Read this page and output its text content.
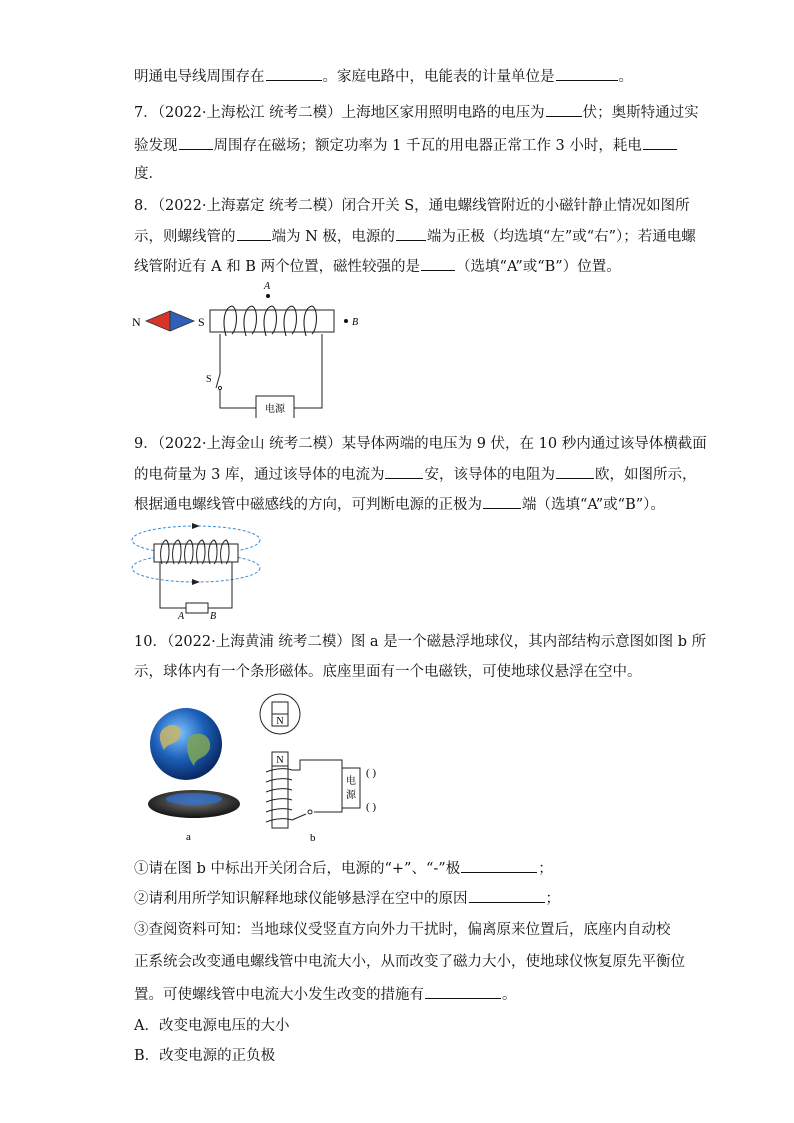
明通电导线周围存在	。家庭电路中，电能表的计量单位是	。
7．（2022·上海松江 统考二模）上海地区家用照明电路的电压为	伏；奥斯特通过实
验发现 周围存在磁场；额定功率为 1 千瓦的用电器正常工作 3 小时，耗电
度．
8．（2022·上海嘉定 统考二模）闭合开关 S，通电螺线管附近的小磁针静止情况如图所
示，则螺线管的 端为 N 极，电源的 端为正极（均选填“左”或“右”）；若通电螺
线管附近有 A 和 B 两个位置，磁性较强的是 （选填“A”或“B”）位置。
N	S
A
B
S
电源
9．（2022·上海金山 统考二模）某导体两端的电压为 9 伏，在 10 秒内通过该导体横截面
的电荷量为 3 库，通过该导体的电流为	安，该导体的电阻为	欧，如图所示，
根据通电螺线管中磁感线的方向，可判断电源的正极为	端（选填“A”或“B”）。
A	B
10．（2022·上海黄浦 统考二模）图 a 是一个磁悬浮地球仪，其内部结构示意图如图 b 所
示，球体内有一个条形磁体。底座里面有一个电磁铁，可使地球仪悬浮在空中。
a
N
N
电
源
( )
( )
b
①请在图 b 中标出开关闭合后，电源的“+”、“-”极	；
②请利用所学知识解释地球仪能够悬浮在空中的原因	；
③查阅资料可知：当地球仪受竖直方向外力干扰时，偏离原来位置后，底座内自动校
正系统会改变通电螺线管中电流大小，从而改变了磁力大小，使地球仪恢复原先平衡位
置。可使螺线管中电流大小发生改变的措施有	。
A．改变电源电压的大小
B．改变电源的正负极
